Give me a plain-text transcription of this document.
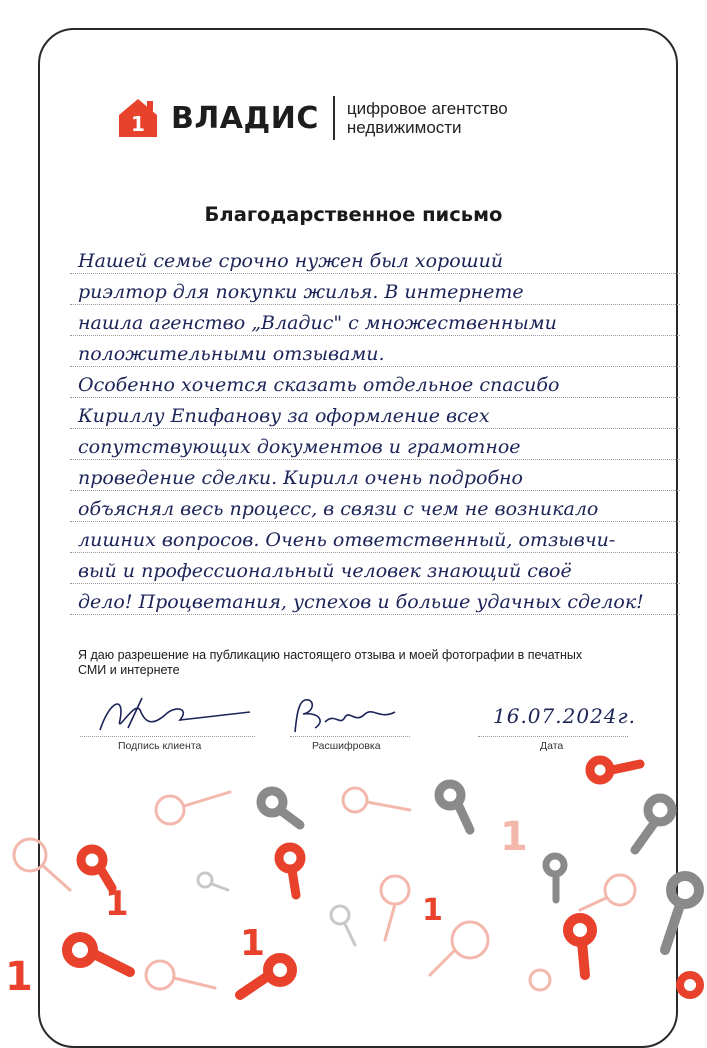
1 ВЛАДИС цифровое агентство
недвижимости
Благодарственное письмо
Нашей семье срочно нужен был хороший
риэлтор для покупки жилья. В интернете
нашла агенство „Владис" с множественными
положительными отзывами.
Особенно хочется сказать отдельное спасибо
Кириллу Епифанову за оформление всех
сопутствующих документов и грамотное
проведение сделки. Кирилл очень подробно
объяснял весь процесс, в связи с чем не возникало
лишних вопросов. Очень ответственный, отзывчи-
вый и профессиональный человек знающий своё
дело! Процветания, успехов и больше удачных сделок!
Я даю разрешение на публикацию настоящего отзыва и моей фотографии в печатных СМИ и интернете
16.07.2024г.
Подпись клиента	Расшифровка	Дата
1
1
1
1
1
